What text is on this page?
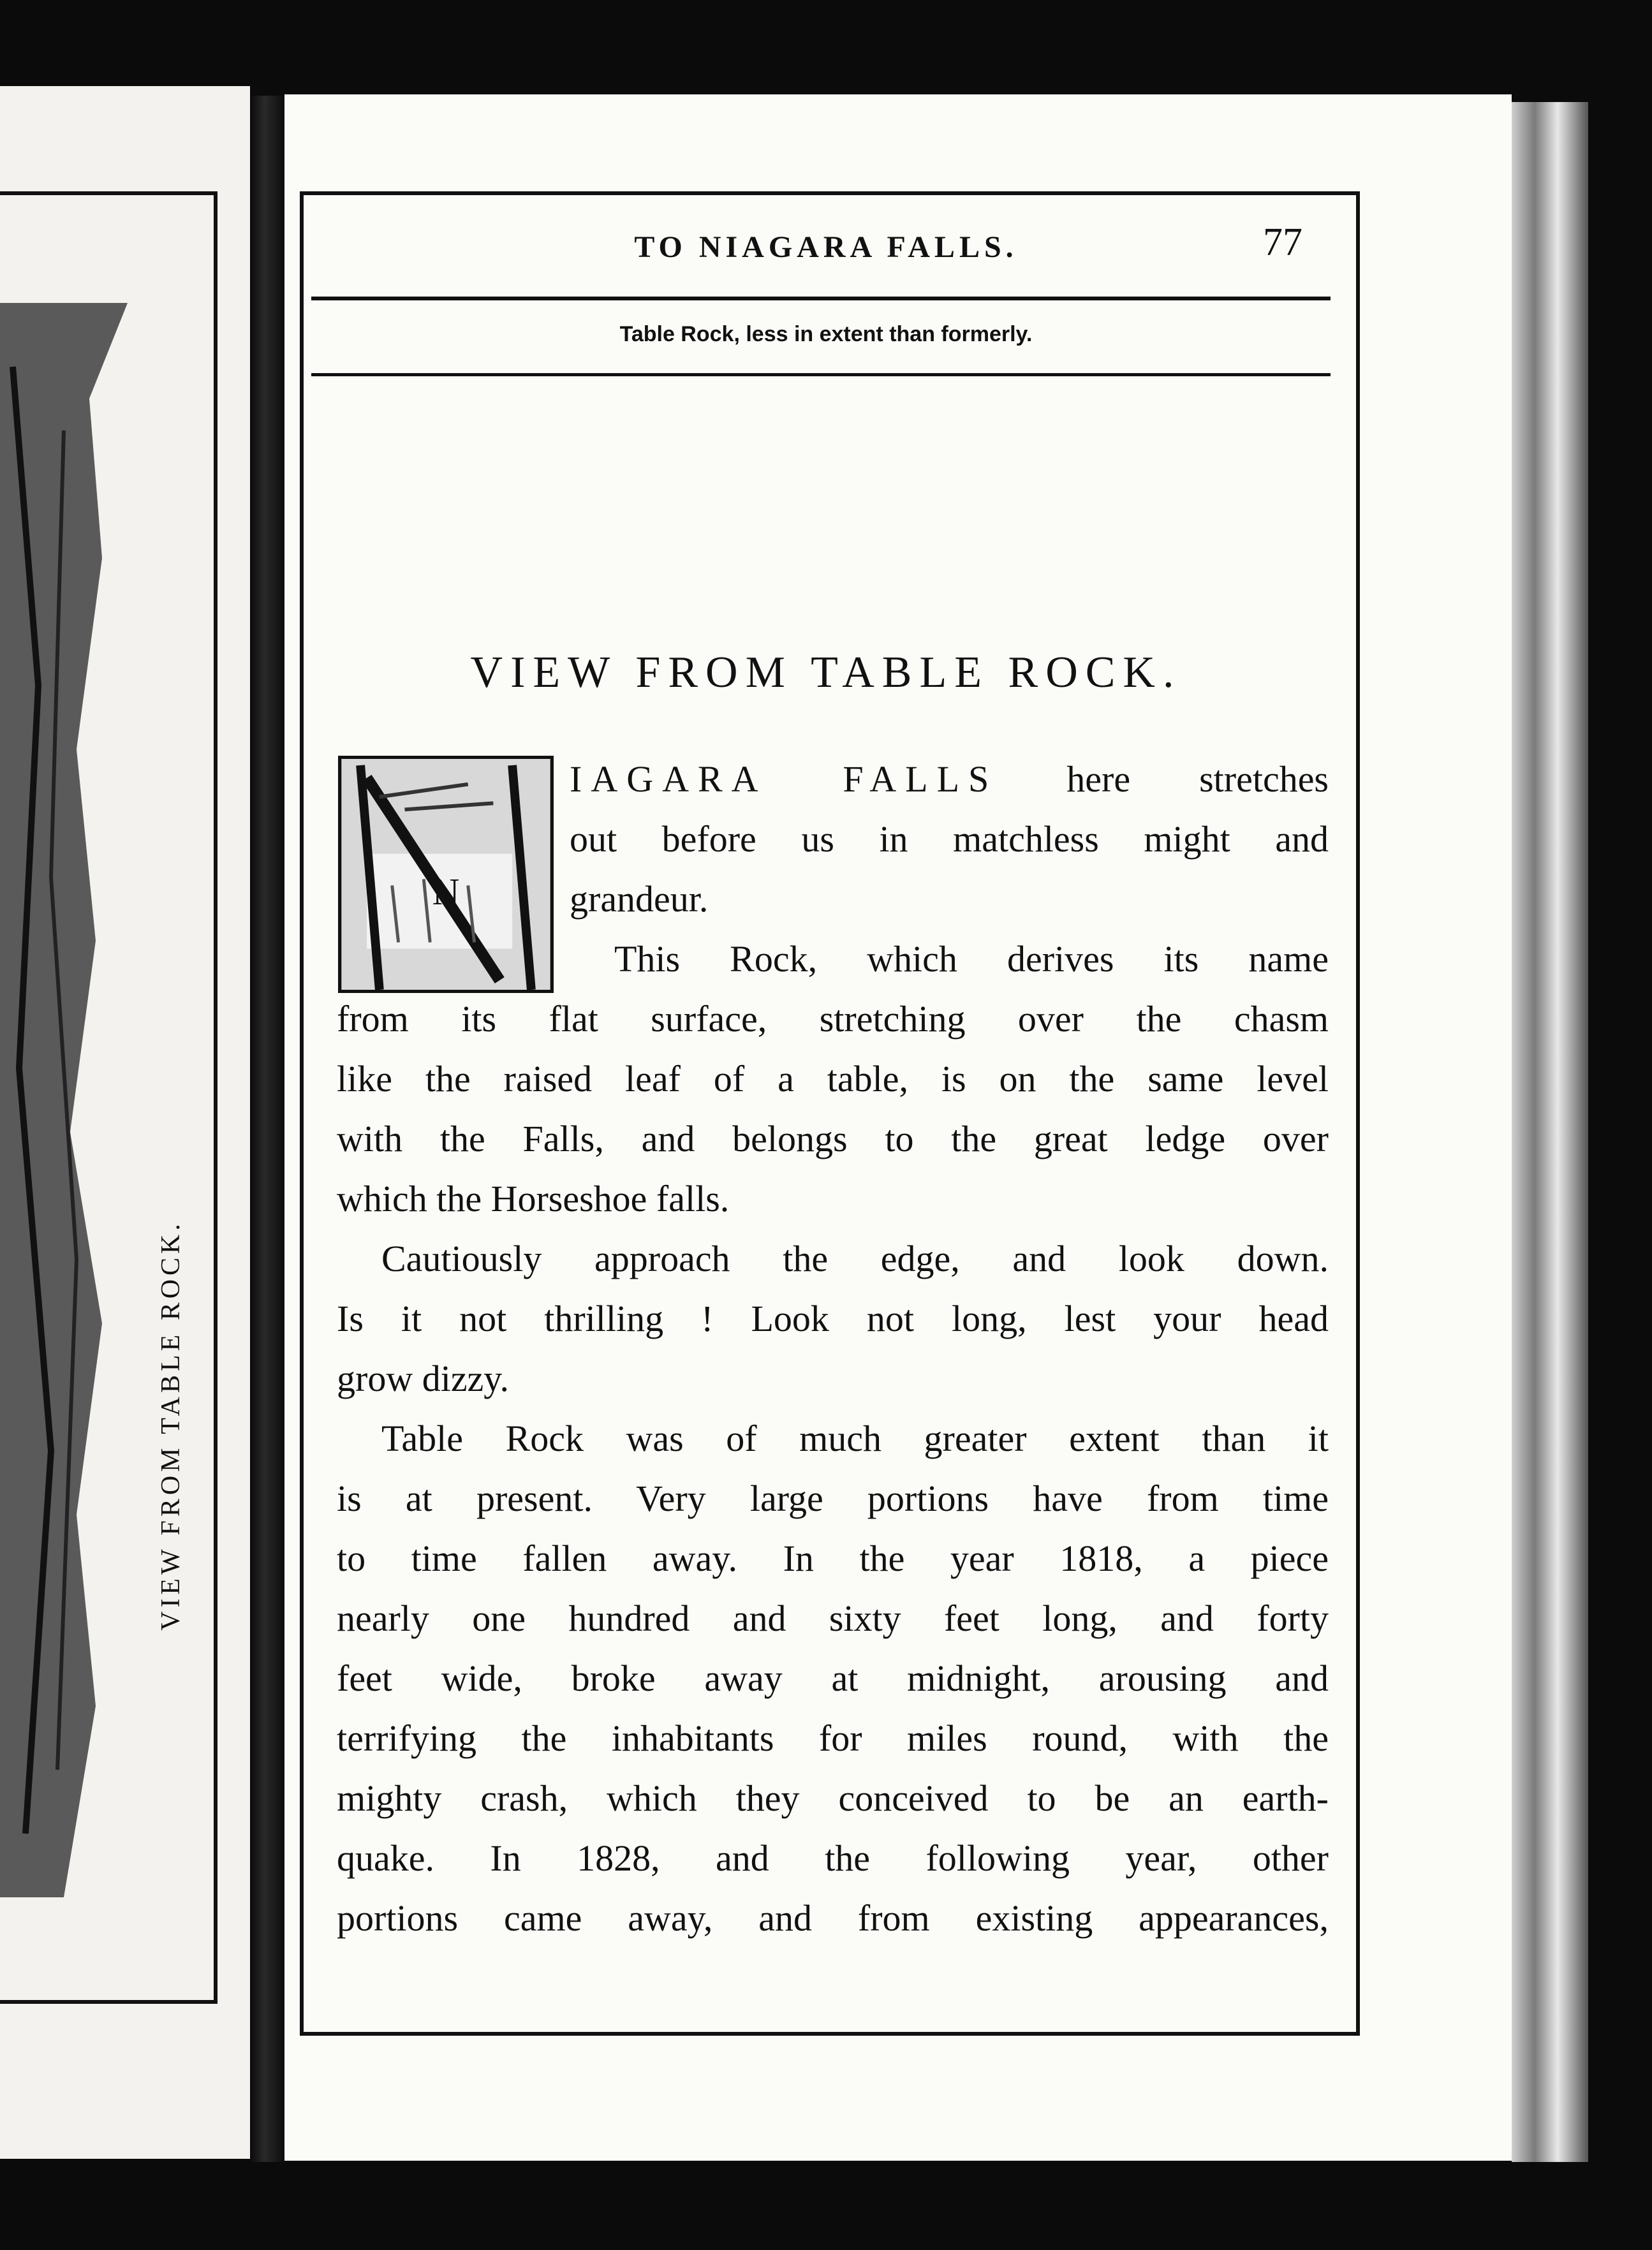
VIEW FROM TABLE ROCK.
TO NIAGARA FALLS.	77
Table Rock, less in extent than formerly.
VIEW FROM TABLE ROCK.
N
IAGARA FALLS here stretches
out before us in matchless might and
grandeur.
This Rock, which derives its name
from its flat surface, stretching over the chasm
like the raised leaf of a table, is on the same level
with the Falls, and belongs to the great ledge over
which the Horseshoe falls.
Cautiously approach the edge, and look down.
Is it not thrilling ! Look not long, lest your head
grow dizzy.
Table Rock was of much greater extent than it
is at present. Very large portions have from time
to time fallen away. In the year 1818, a piece
nearly one hundred and sixty feet long, and forty
feet wide, broke away at midnight, arousing and
terrifying the inhabitants for miles round, with the
mighty crash, which they conceived to be an earth-
quake. In 1828, and the following year, other
portions came away, and from existing appearances,
